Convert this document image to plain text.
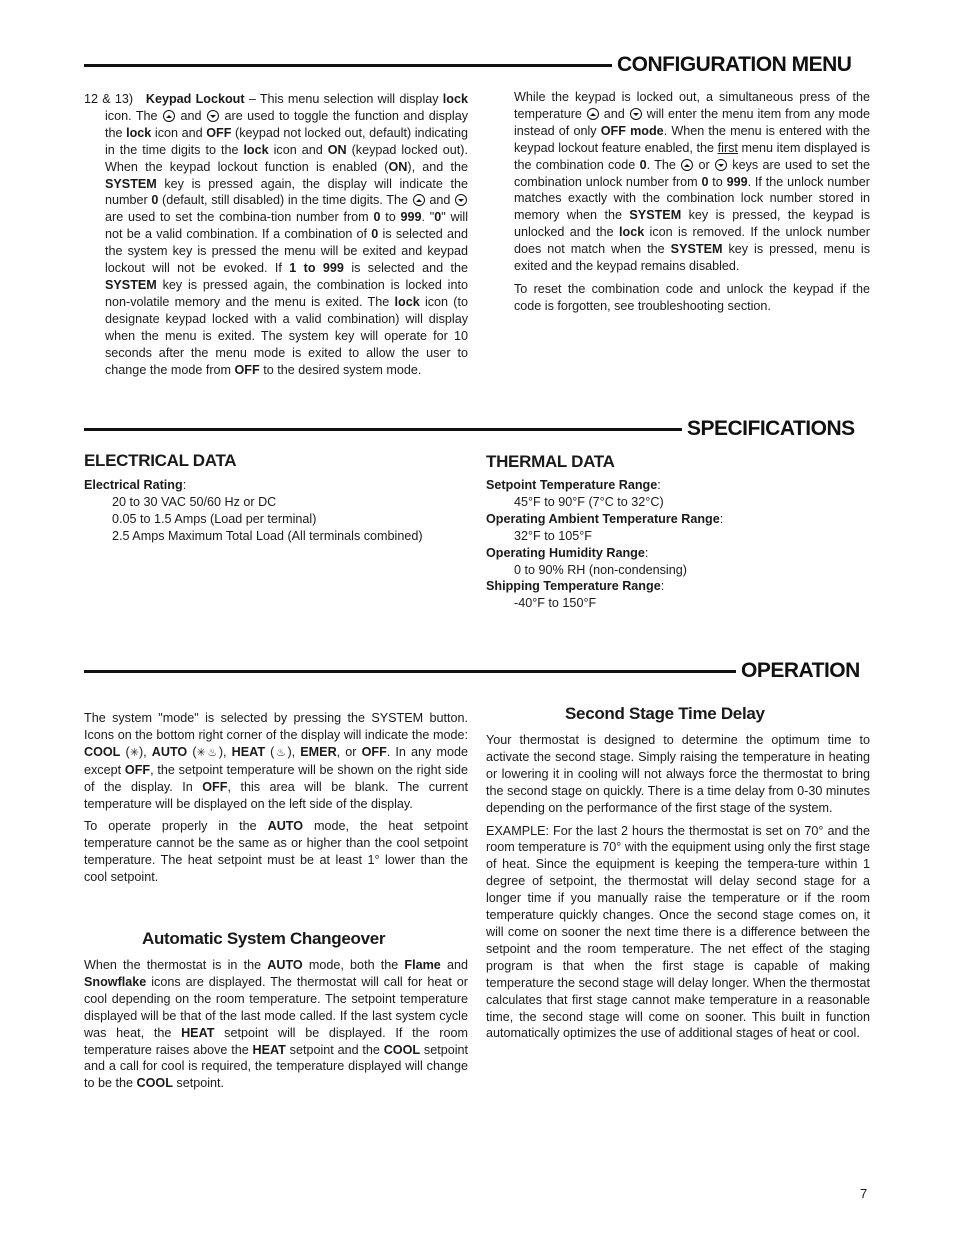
CONFIGURATION MENU

12 & 13) Keypad Lockout – This menu selection will display lock icon. The  and  are used to toggle the function and display the lock icon and OFF (keypad not locked out, default) indicating in the time digits to the lock icon and ON (keypad locked out). When the keypad lockout function is enabled (ON), and the SYSTEM key is pressed again, the display will indicate the number 0 (default, still disabled) in the time digits. The  and  are used to set the combina-tion number from 0 to 999. "0" will not be a valid combination. If a combination of 0 is selected and the system key is pressed the menu will be exited and keypad lockout will not be evoked. If 1 to 999 is selected and the SYSTEM key is pressed again, the combination is locked into non-volatile memory and the menu is exited. The lock icon (to designate keypad locked with a valid combination) will display when the menu is exited. The system key will operate for 10 seconds after the menu mode is exited to allow the user to change the mode from OFF to the desired system mode.

While the keypad is locked out, a simultaneous press of the temperature  and  will enter the menu item from any mode instead of only OFF mode. When the menu is entered with the keypad lockout feature enabled, the first menu item displayed is the combination code 0. The  or  keys are used to set the combination unlock number from 0 to 999. If the unlock number matches exactly with the combination lock number stored in memory when the SYSTEM key is pressed, the keypad is unlocked and the lock icon is removed. If the unlock number does not match when the SYSTEM key is pressed, menu is exited and the keypad remains disabled.

To reset the combination code and unlock the keypad if the code is forgotten, see troubleshooting section.

SPECIFICATIONS
ELECTRICAL DATA
Electrical Rating:
20 to 30 VAC 50/60 Hz or DC
0.05 to 1.5 Amps (Load per terminal)
2.5 Amps Maximum Total Load (All terminals combined)
THERMAL DATA
Setpoint Temperature Range:
45°F to 90°F (7°C to 32°C)
Operating Ambient Temperature Range:
32°F to 105°F
Operating Humidity Range:
0 to 90% RH (non-condensing)
Shipping Temperature Range:
-40°F to 150°F
OPERATION

The system "mode" is selected by pressing the SYSTEM button. Icons on the bottom right corner of the display will indicate the mode: COOL (✳), AUTO (✳♨), HEAT (♨), EMER, or OFF. In any mode except OFF, the setpoint temperature will be shown on the right side of the display. In OFF, this area will be blank. The current temperature will be displayed on the left side of the display.

To operate properly in the AUTO mode, the heat setpoint temperature cannot be the same as or higher than the cool setpoint temperature. The heat setpoint must be at least 1° lower than the cool setpoint.

Automatic System Changeover

When the thermostat is in the AUTO mode, both the Flame and Snowflake icons are displayed. The thermostat will call for heat or cool depending on the room temperature. The setpoint temperature displayed will be that of the last mode called. If the last system cycle was heat, the HEAT setpoint will be displayed. If the room temperature raises above the HEAT setpoint and the COOL setpoint and a call for cool is required, the temperature displayed will change to be the COOL setpoint.

Second Stage Time Delay

Your thermostat is designed to determine the optimum time to activate the second stage. Simply raising the temperature in heating or lowering it in cooling will not always force the thermostat to bring the second stage on quickly. There is a time delay from 0-30 minutes depending on the performance of the first stage of the system.

EXAMPLE: For the last 2 hours the thermostat is set on 70° and the room temperature is 70° with the equipment using only the first stage of heat. Since the equipment is keeping the tempera-ture within 1 degree of setpoint, the thermostat will delay second stage for a longer time if you manually raise the temperature or if the room temperature quickly changes. Once the second stage comes on, it will come on sooner the next time there is a difference between the setpoint and the room temperature. The net effect of the staging program is that when the first stage is capable of making temperature the second stage will delay longer. When the thermostat calculates that first stage cannot make temperature in a reasonable time, the second stage will come on sooner. This built in function automatically optimizes the use of additional stages of heat or cool.

7
